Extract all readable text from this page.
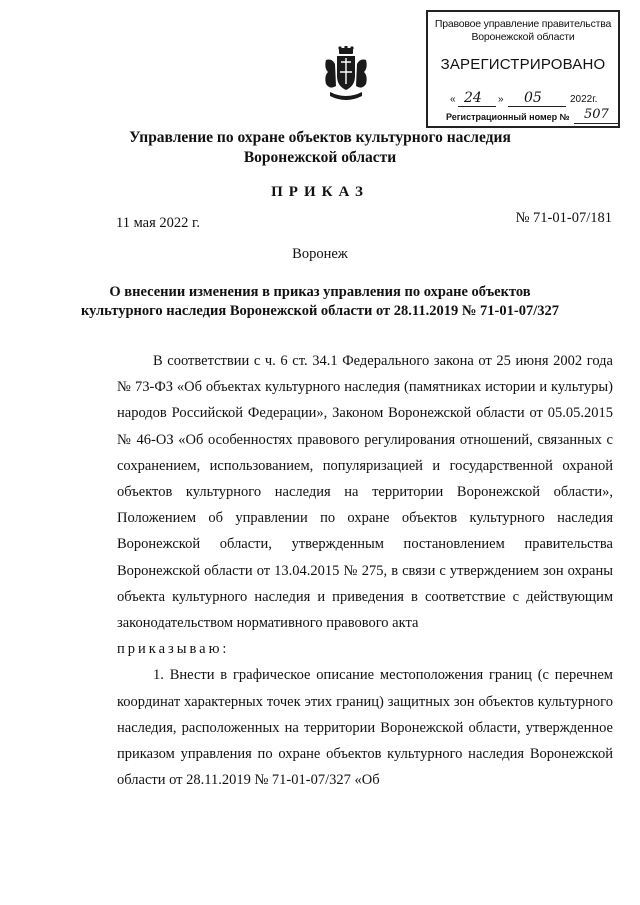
Правовое управление правительства
Воронежской области
ЗАРЕГИСТРИРОВАНО
« 24 » 05	2022г.
Регистрационный номер № 507
Управление по охране объектов культурного наследия
Воронежской области
ПРИКАЗ
11 мая 2022 г.	№ 71-01-07/181
Воронеж
О внесении изменения в приказ управления по охране объектов
культурного наследия Воронежской области от 28.11.2019 № 71-01-07/327

В соответствии с ч. 6 ст. 34.1 Федерального закона от 25 июня 2002 года № 73-ФЗ «Об объектах культурного наследия (памятниках истории и культуры) народов Российской Федерации», Законом Воронежской области от 05.05.2015 № 46-ОЗ «Об особенностях правового регулирования отношений, связанных с сохранением, использованием, популяризацией и государственной охраной объектов культурного наследия на территории Воронежской области», Положением об управлении по охране объектов культурного наследия Воронежской области, утвержденным постановлением правительства Воронежской области от 13.04.2015 № 275, в связи с утверждением зон охраны объекта культурного наследия и приведения в соответствие с действующим законодательством нормативного правового акта

приказываю:

1. Внести в графическое описание местоположения границ (с перечнем координат характерных точек этих границ) защитных зон объектов культурного наследия, расположенных на территории Воронежской области, утвержденное приказом управления по охране объектов культурного наследия Воронежской области от 28.11.2019 № 71-01-07/327 «Об
